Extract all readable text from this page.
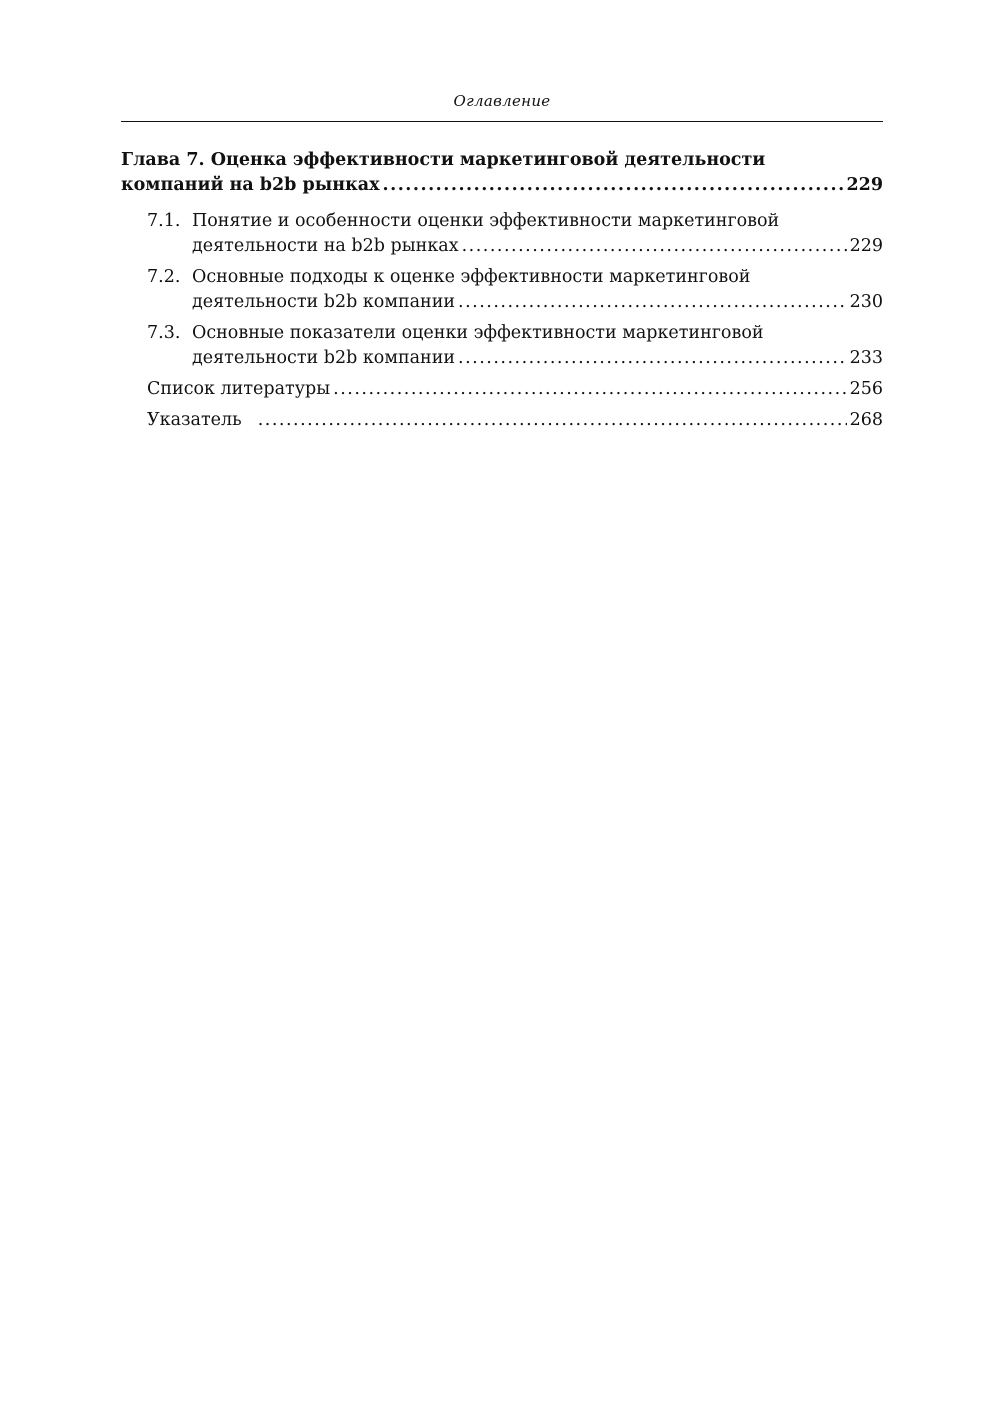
Оглавление
Глава 7. Оценка эффективности маркетинговой деятельности
компаний на b2b рынках .....	229
7.1. Понятие и особенности оценки эффективности маркетинговой
деятельности на b2b рынках .....	229
7.2. Основные подходы к оценке эффективности маркетинговой
деятельности b2b компании .....	230
7.3. Основные показатели оценки эффективности маркетинговой
деятельности b2b компании .....	233
Список литературы .....	256
Указатель .....	268
